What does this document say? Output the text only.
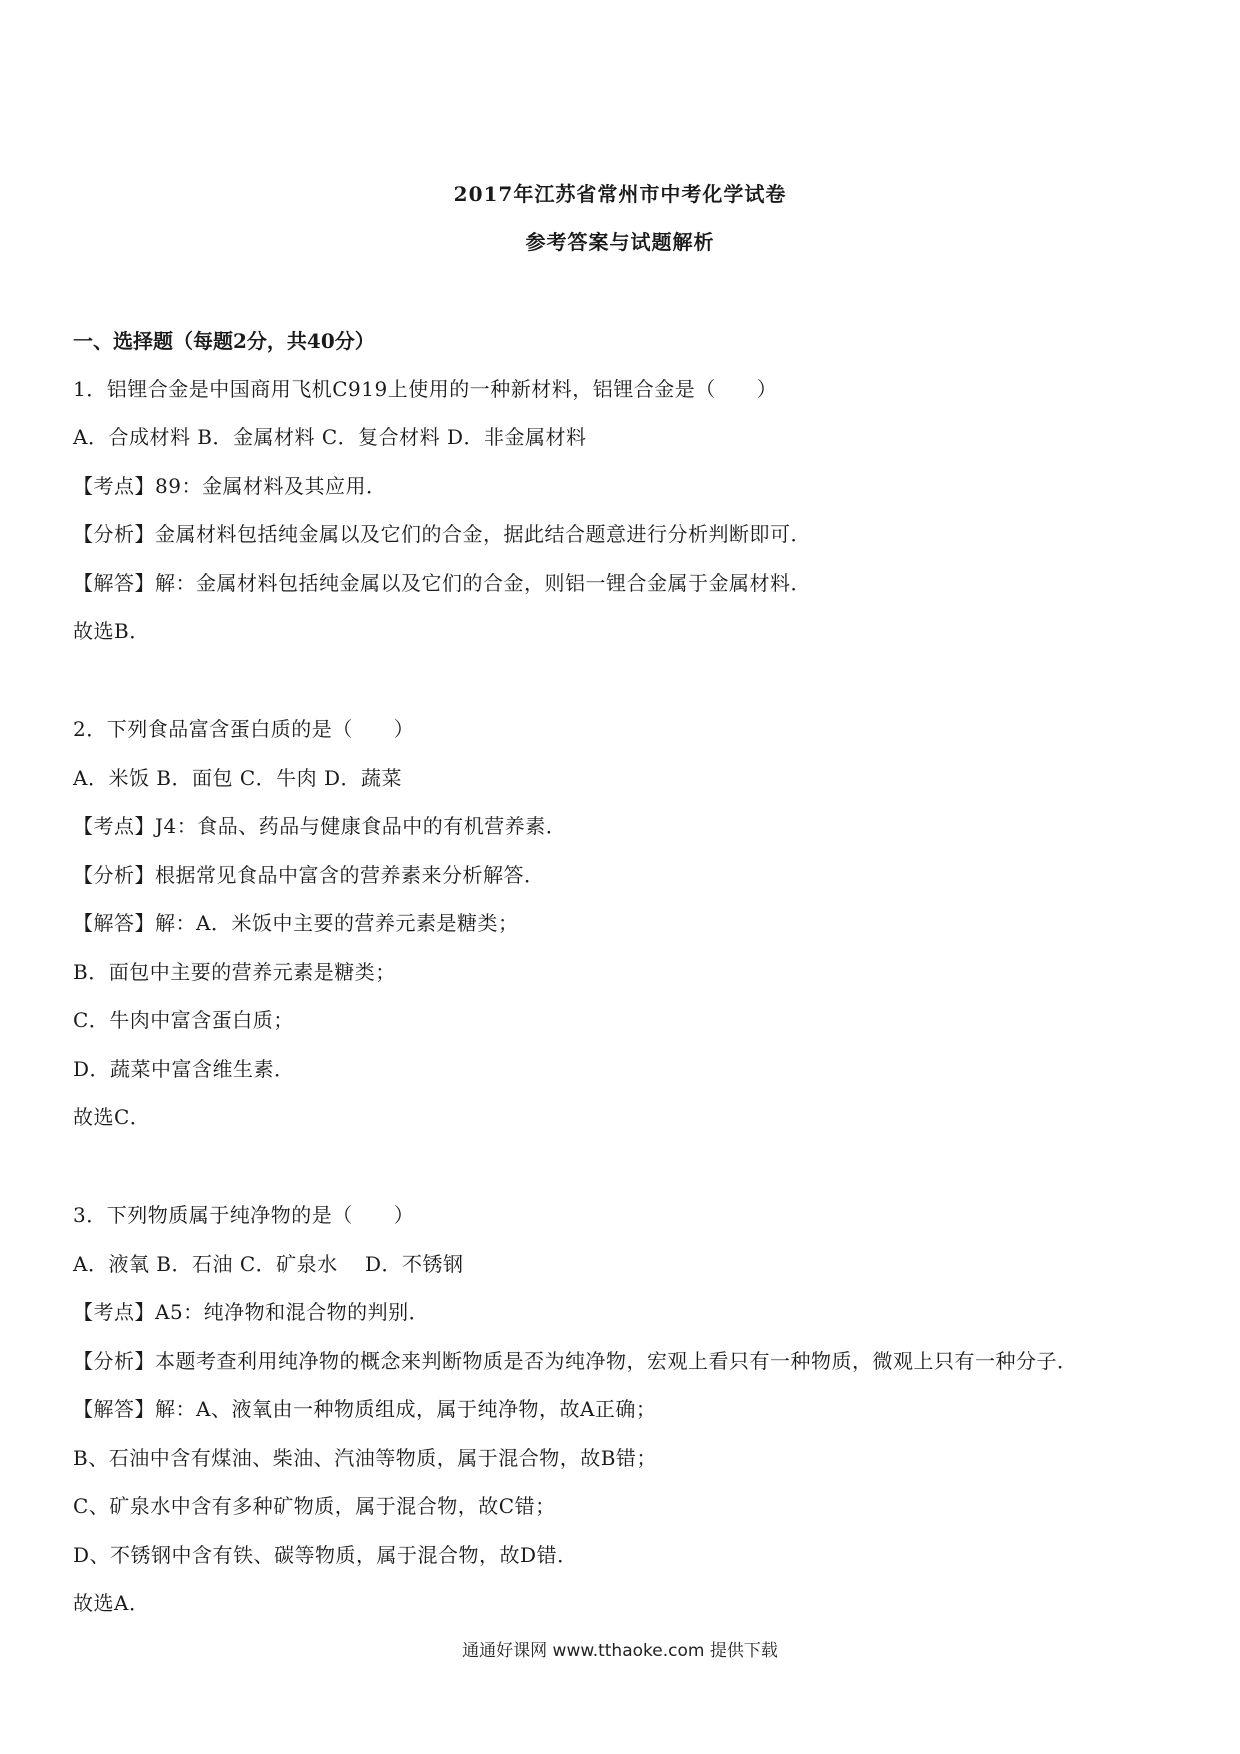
2017年江苏省常州市中考化学试卷
参考答案与试题解析
一、选择题（每题2分，共40分）
1．铝锂合金是中国商用飞机C919上使用的一种新材料，铝锂合金是（　　）
A．合成材料 B．金属材料 C．复合材料 D．非金属材料
【考点】89：金属材料及其应用．
【分析】金属材料包括纯金属以及它们的合金，据此结合题意进行分析判断即可．
【解答】解：金属材料包括纯金属以及它们的合金，则铝一锂合金属于金属材料．
故选B．
2．下列食品富含蛋白质的是（　　）
A．米饭 B．面包 C．牛肉 D．蔬菜
【考点】J4：食品、药品与健康食品中的有机营养素．
【分析】根据常见食品中富含的营养素来分析解答．
【解答】解：A．米饭中主要的营养元素是糖类；
B．面包中主要的营养元素是糖类；
C．牛肉中富含蛋白质；
D．蔬菜中富含维生素．
故选C．
3．下列物质属于纯净物的是（　　）
A．液氧 B．石油 C．矿泉水　 D．不锈钢
【考点】A5：纯净物和混合物的判别．
【分析】本题考查利用纯净物的概念来判断物质是否为纯净物，宏观上看只有一种物质，微观上只有一种分子．
【解答】解：A、液氧由一种物质组成，属于纯净物，故A正确；
B、石油中含有煤油、柴油、汽油等物质，属于混合物，故B错；
C、矿泉水中含有多种矿物质，属于混合物，故C错；
D、不锈钢中含有铁、碳等物质，属于混合物，故D错．
故选A．
通通好课网 www.tthaoke.com 提供下载
